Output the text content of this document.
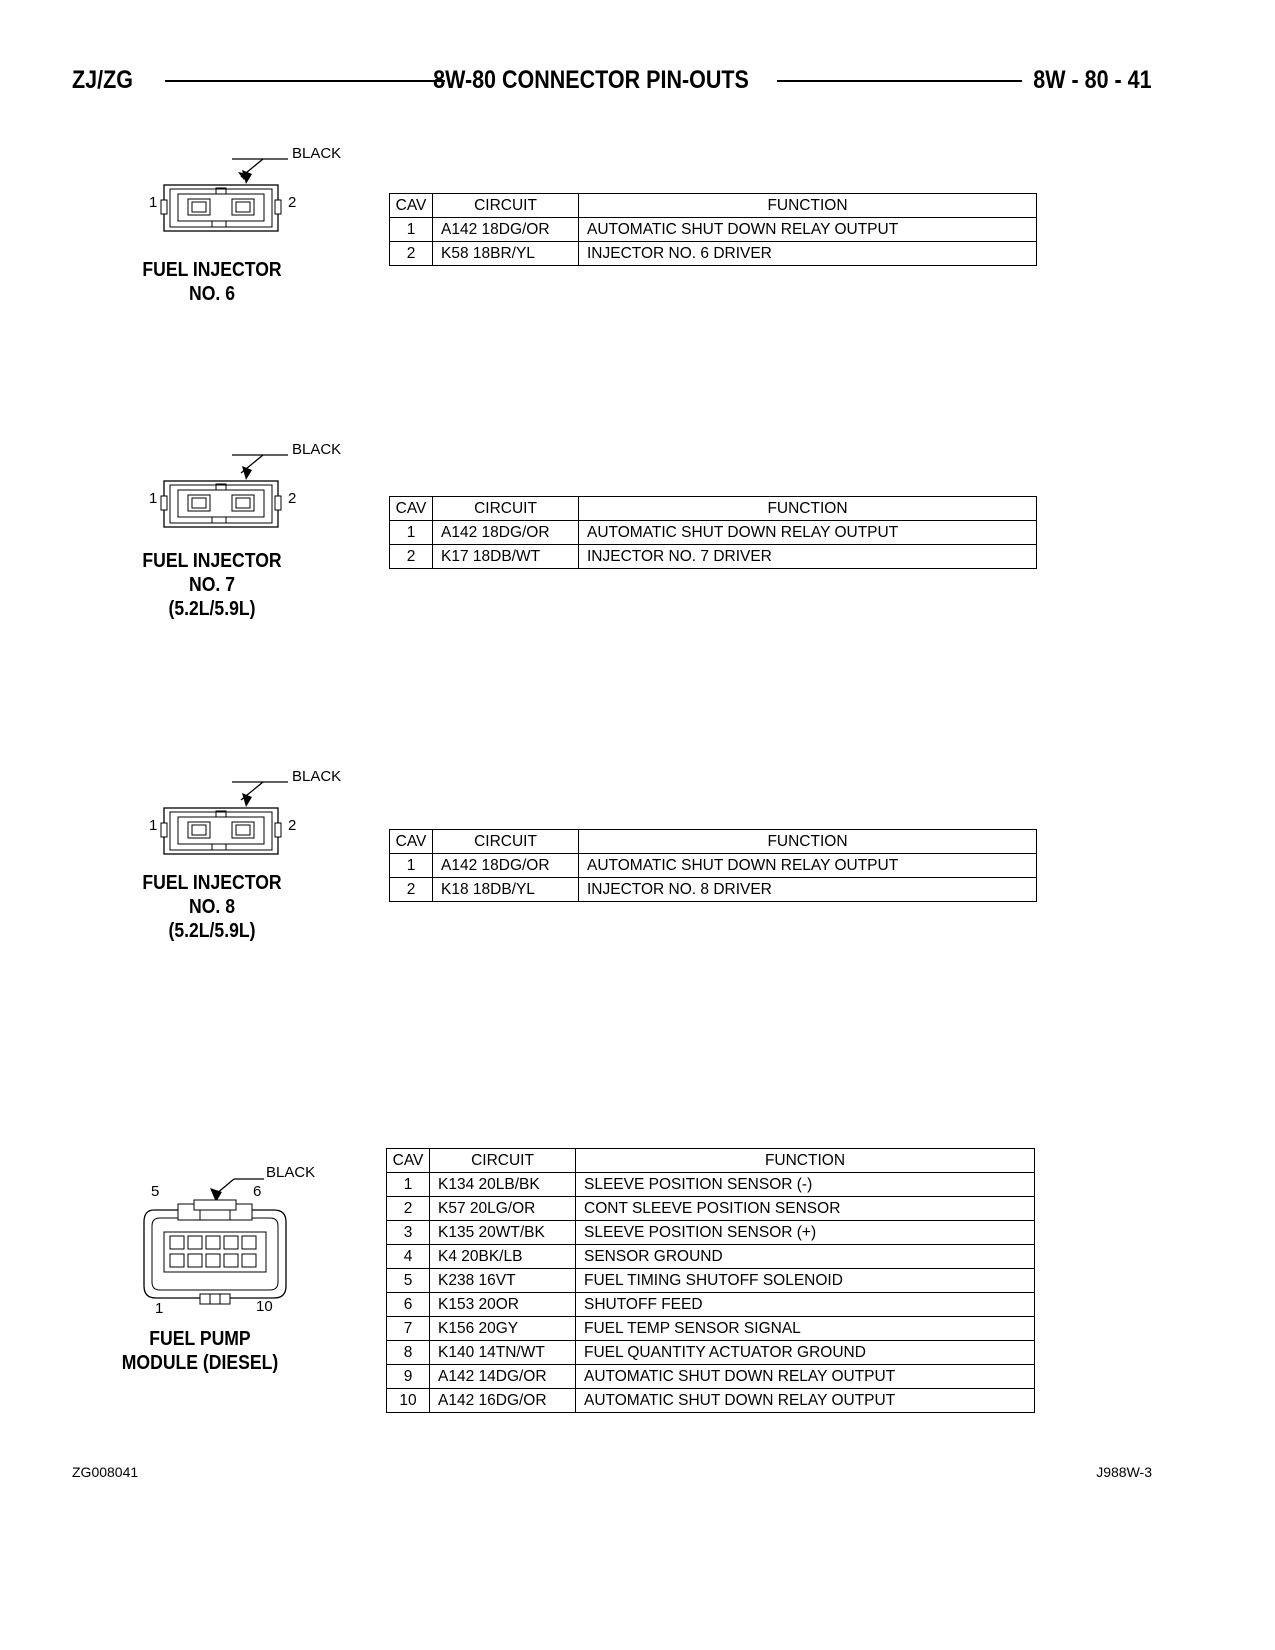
ZJ/ZG	8W-80 CONNECTOR PIN-OUTS	8W - 80 - 41
BLACK
1	2
FUEL INJECTOR
NO. 6
CAV	CIRCUIT	FUNCTION
1	A142 18DG/OR	AUTOMATIC SHUT DOWN RELAY OUTPUT
2	K58 18BR/YL	INJECTOR NO. 6 DRIVER
BLACK
1	2
FUEL INJECTOR
NO. 7
(5.2L/5.9L)
CAV	CIRCUIT	FUNCTION
1	A142 18DG/OR	AUTOMATIC SHUT DOWN RELAY OUTPUT
2	K17 18DB/WT	INJECTOR NO. 7 DRIVER
BLACK
1	2
FUEL INJECTOR
NO. 8
(5.2L/5.9L)
CAV	CIRCUIT	FUNCTION
1	A142 18DG/OR	AUTOMATIC SHUT DOWN RELAY OUTPUT
2	K18 18DB/YL	INJECTOR NO. 8 DRIVER
BLACK
5	6
1	10
FUEL PUMP
MODULE (DIESEL)
CAV	CIRCUIT	FUNCTION
1	K134 20LB/BK	SLEEVE POSITION SENSOR (-)
2	K57 20LG/OR	CONT SLEEVE POSITION SENSOR
3	K135 20WT/BK	SLEEVE POSITION SENSOR (+)
4	K4 20BK/LB	SENSOR GROUND
5	K238 16VT	FUEL TIMING SHUTOFF SOLENOID
6	K153 20OR	SHUTOFF FEED
7	K156 20GY	FUEL TEMP SENSOR SIGNAL
8	K140 14TN/WT	FUEL QUANTITY ACTUATOR GROUND
9	A142 14DG/OR	AUTOMATIC SHUT DOWN RELAY OUTPUT
10	A142 16DG/OR	AUTOMATIC SHUT DOWN RELAY OUTPUT
ZG008041	J988W-3
